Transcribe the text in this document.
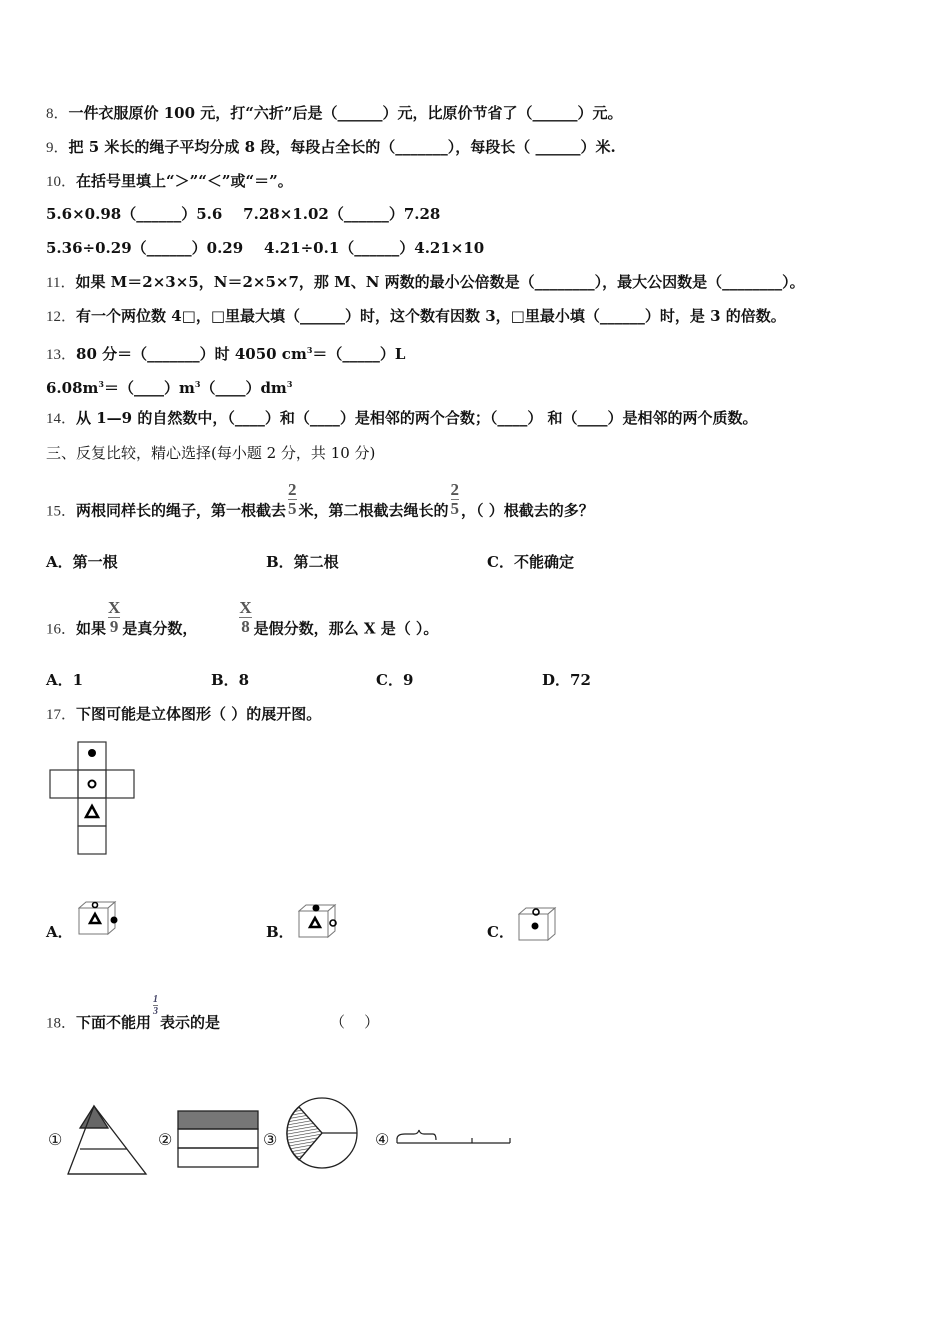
8．一件衣服原价 100 元，打“六折”后是（______）元，比原价节省了（______）元。
9．把 5 米长的绳子平均分成 8 段，每段占全长的（_______），每段长（ ______）米.
10．在括号里填上“＞”“＜”或“＝”。
5.6×0.98（______）5.6    7.28×1.02（______）7.28
5.36÷0.29（______）0.29    4.21÷0.1（______）4.21×10
11．如果 M＝2×3×5，N＝2×5×7，那 M、N 两数的最小公倍数是（________），最大公因数是（________）。
12．有一个两位数 4□，□里最大填（______）时，这个数有因数 3，□里最小填（______）时，是 3 的倍数。
13．80 分＝（_______）时 4050 $cm^3=(\_\_\_\_\_)L$
$6.08m^3=(\_\_\_\_)m^3(\_\_\_\_)dm^3$
14．从 1—9 的自然数中，（____）和（____）是相邻的两个合数；（____） 和（____）是相邻的两个质数。
三、反复比较，精心选择(每小题 2 分，共 10 分)
15．两根同样长的绳子，第一根截去 $\frac{2}{5}$ 米，第二根截去绳长的 $\frac{2}{5}$ ，（ ）根截去的多？
A．第一根	B．第二根	C．不能确定
16．如果 $\frac{X}{9}$ 是真分数， $\frac{X}{8}$ 是假分数，那么 X 是（ ）。
A．1	B．8	C．9	D．72
17．下图可能是立体图形（ ）的展开图。
A．	B．	C．
18．下面不能用
$\frac{1}{3}$
表示的是	（    ）
①	②	③	④
